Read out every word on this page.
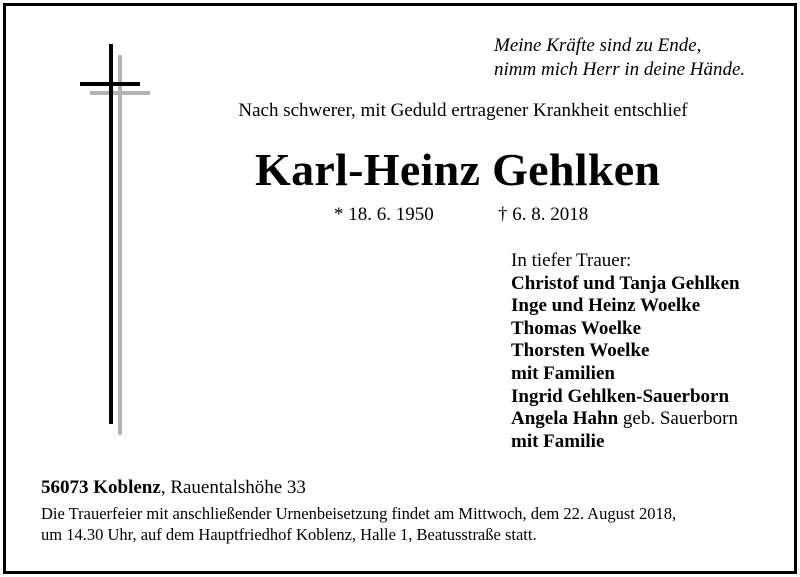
Meine Kräfte sind zu Ende,
nimm mich Herr in deine Hände.
Nach schwerer, mit Geduld ertragener Krankheit entschlief
Karl-Heinz Gehlken
* 18. 6. 1950	† 6. 8. 2018
In tiefer Trauer:
Christof und Tanja Gehlken
Inge und Heinz Woelke
Thomas Woelke
Thorsten Woelke
mit Familien
Ingrid Gehlken-Sauerborn
Angela Hahn geb. Sauerborn
mit Familie
56073 Koblenz, Rauentalshöhe 33
Die Trauerfeier mit anschließender Urnenbeisetzung findet am Mittwoch, dem 22. August 2018,
um 14.30 Uhr, auf dem Hauptfriedhof Koblenz, Halle 1, Beatusstraße statt.
